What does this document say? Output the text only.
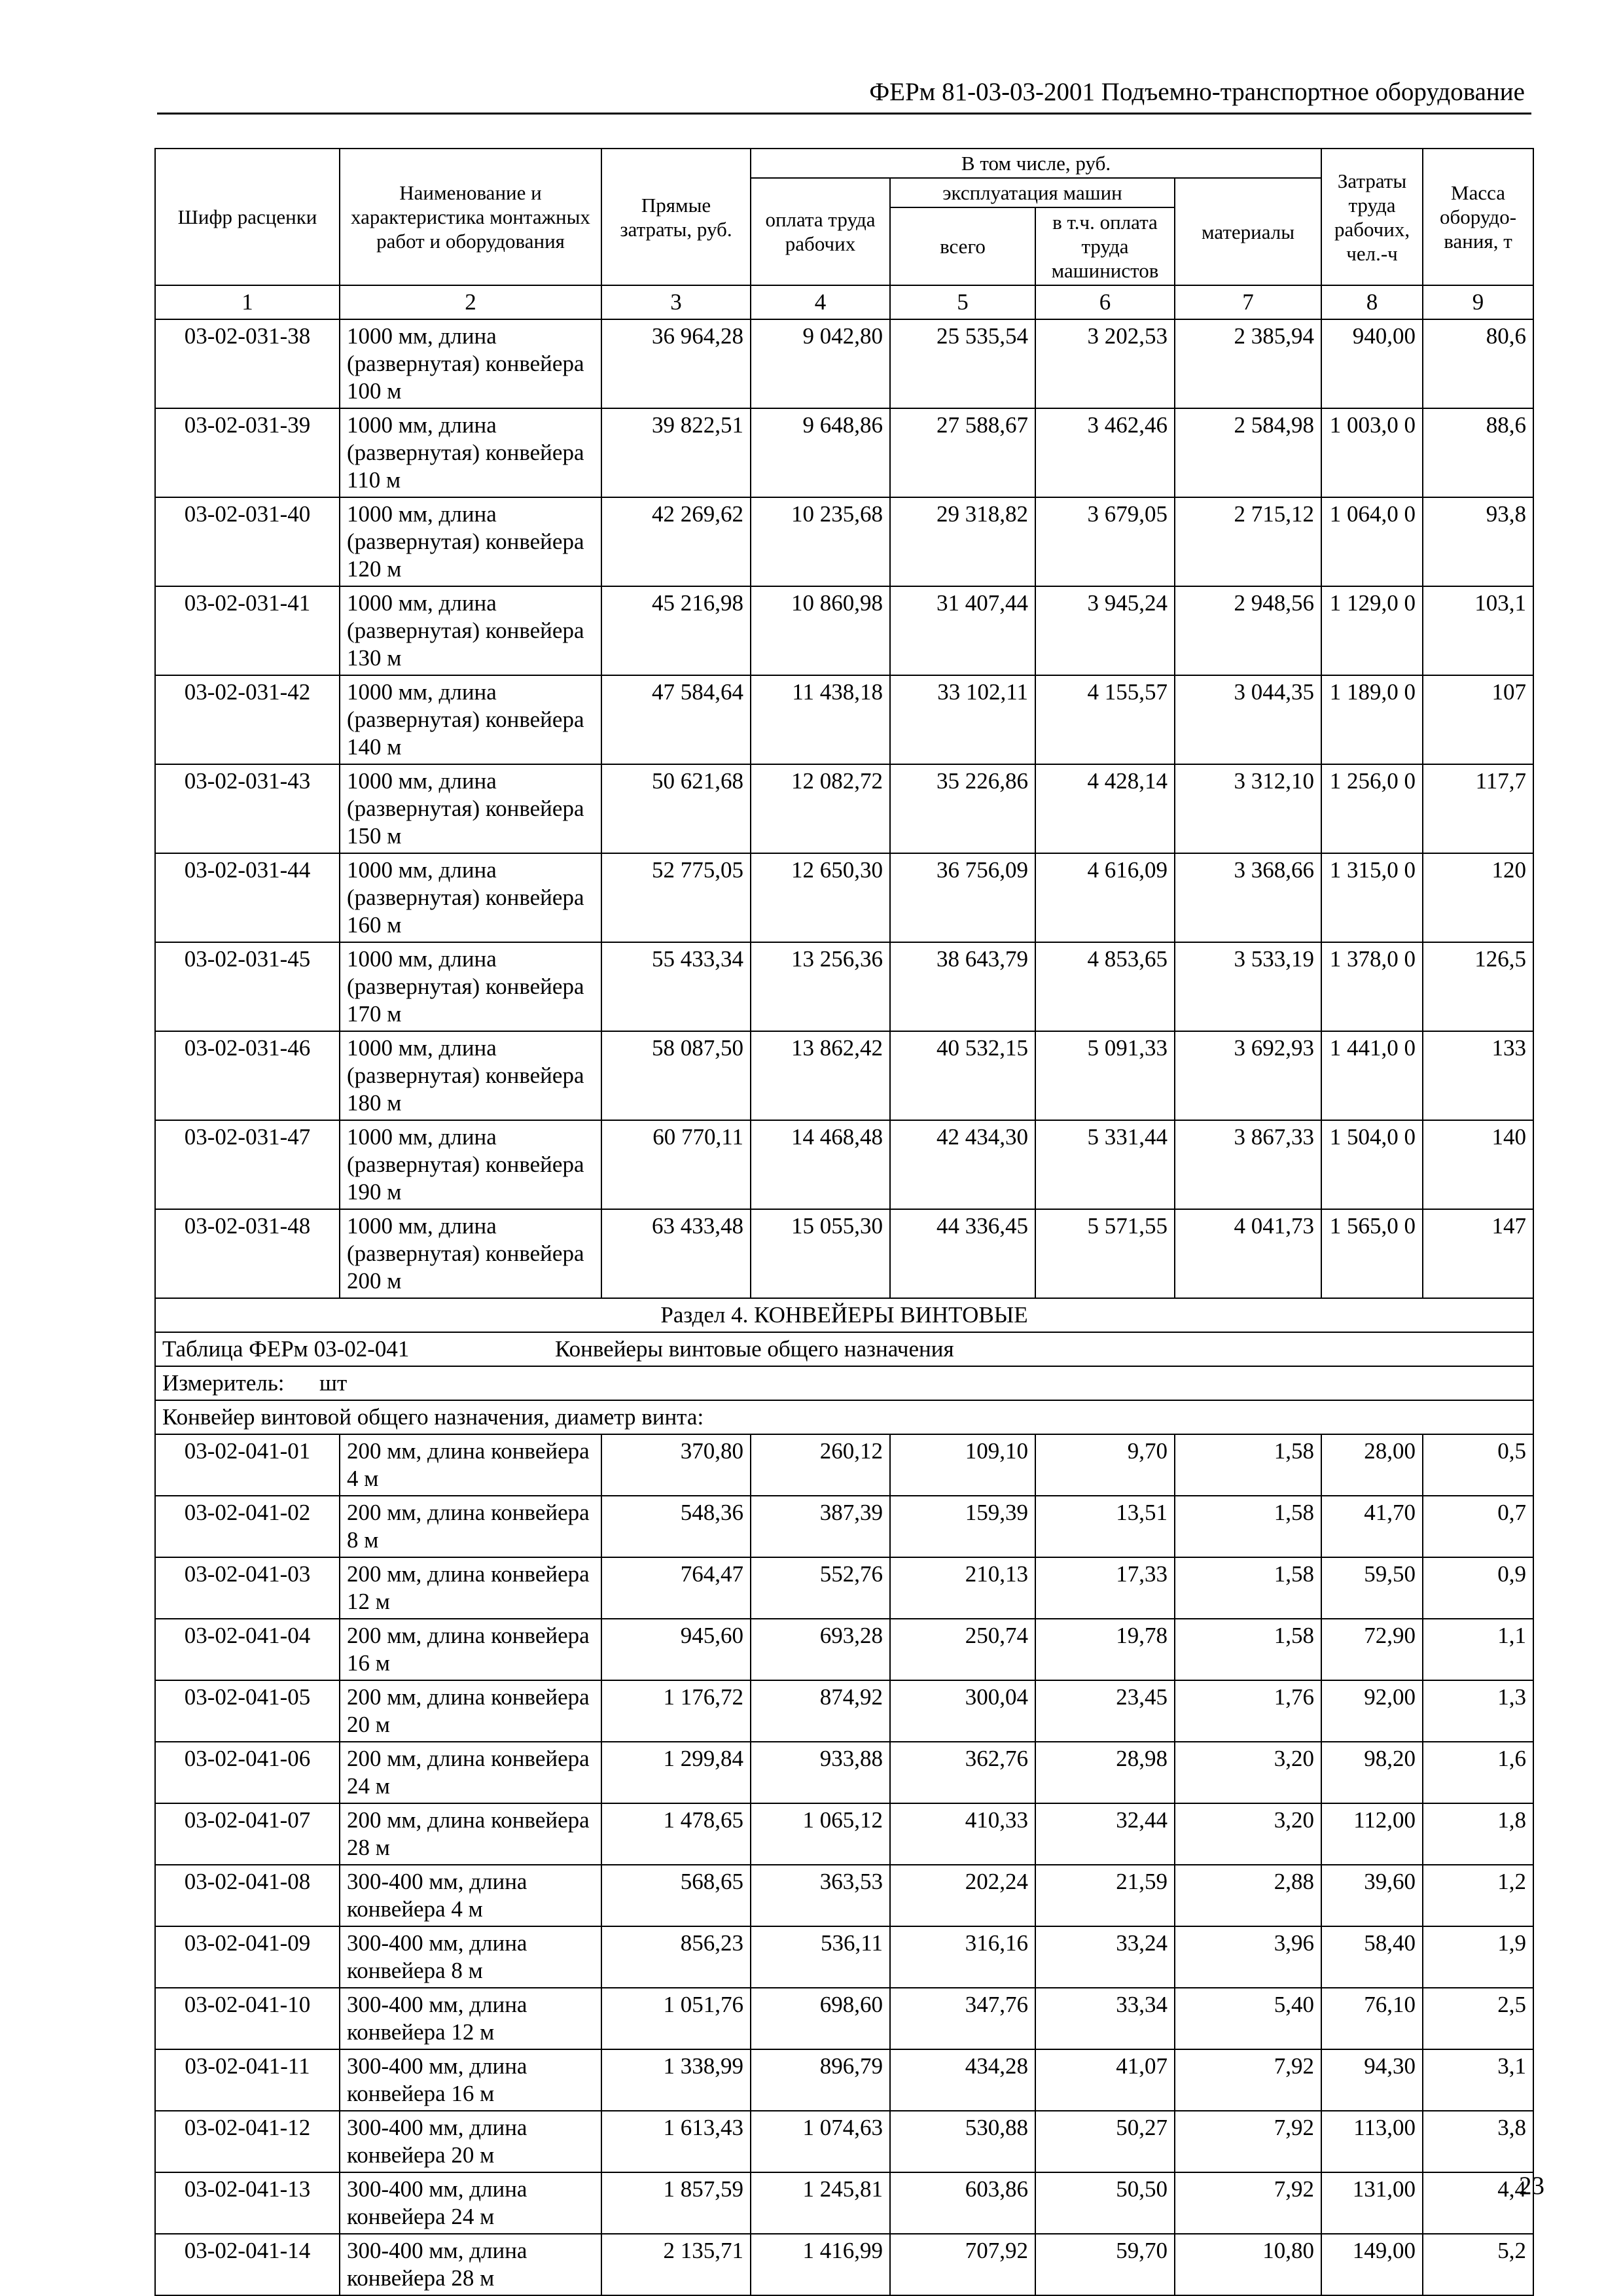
ФЕРм 81-03-03-2001 Подъемно-транспортное оборудование
Шифр расценки	Наименование и характеристика монтажных работ и оборудования	Прямые затраты, руб.	В том числе, руб.				Затраты труда рабочих, чел.-ч	Масса оборудо-вания, т
			оплата труда рабочих	эксплуатация машин		материалы		
				всего	в т.ч. оплата труда машинистов			
1	2	3	4	5	6	7	8	9
03-02-031-38	1000 мм, длина (развернутая) конвейера 100 м	36 964,28	9 042,80	25 535,54	3 202,53	2 385,94	940,00	80,6
03-02-031-39	1000 мм, длина (развернутая) конвейера 110 м	39 822,51	9 648,86	27 588,67	3 462,46	2 584,98	1 003,0 0	88,6
03-02-031-40	1000 мм, длина (развернутая) конвейера 120 м	42 269,62	10 235,68	29 318,82	3 679,05	2 715,12	1 064,0 0	93,8
03-02-031-41	1000 мм, длина (развернутая) конвейера 130 м	45 216,98	10 860,98	31 407,44	3 945,24	2 948,56	1 129,0 0	103,1
03-02-031-42	1000 мм, длина (развернутая) конвейера 140 м	47 584,64	11 438,18	33 102,11	4 155,57	3 044,35	1 189,0 0	107
03-02-031-43	1000 мм, длина (развернутая) конвейера 150 м	50 621,68	12 082,72	35 226,86	4 428,14	3 312,10	1 256,0 0	117,7
03-02-031-44	1000 мм, длина (развернутая) конвейера 160 м	52 775,05	12 650,30	36 756,09	4 616,09	3 368,66	1 315,0 0	120
03-02-031-45	1000 мм, длина (развернутая) конвейера 170 м	55 433,34	13 256,36	38 643,79	4 853,65	3 533,19	1 378,0 0	126,5
03-02-031-46	1000 мм, длина (развернутая) конвейера 180 м	58 087,50	13 862,42	40 532,15	5 091,33	3 692,93	1 441,0 0	133
03-02-031-47	1000 мм, длина (развернутая) конвейера 190 м	60 770,11	14 468,48	42 434,30	5 331,44	3 867,33	1 504,0 0	140
03-02-031-48	1000 мм, длина (развернутая) конвейера 200 м	63 433,48	15 055,30	44 336,45	5 571,55	4 041,73	1 565,0 0	147
Раздел 4. КОНВЕЙЕРЫ ВИНТОВЫЕ								
Таблица ФЕРм 03-02-041 Конвейеры винтовые общего назначения								
Измеритель: шт								
Конвейер винтовой общего назначения, диаметр винта:								
03-02-041-01	200 мм, длина конвейера 4 м	370,80	260,12	109,10	9,70	1,58	28,00	0,5
03-02-041-02	200 мм, длина конвейера 8 м	548,36	387,39	159,39	13,51	1,58	41,70	0,7
03-02-041-03	200 мм, длина конвейера 12 м	764,47	552,76	210,13	17,33	1,58	59,50	0,9
03-02-041-04	200 мм, длина конвейера 16 м	945,60	693,28	250,74	19,78	1,58	72,90	1,1
03-02-041-05	200 мм, длина конвейера 20 м	1 176,72	874,92	300,04	23,45	1,76	92,00	1,3
03-02-041-06	200 мм, длина конвейера 24 м	1 299,84	933,88	362,76	28,98	3,20	98,20	1,6
03-02-041-07	200 мм, длина конвейера 28 м	1 478,65	1 065,12	410,33	32,44	3,20	112,00	1,8
03-02-041-08	300-400 мм, длина конвейера 4 м	568,65	363,53	202,24	21,59	2,88	39,60	1,2
03-02-041-09	300-400 мм, длина конвейера 8 м	856,23	536,11	316,16	33,24	3,96	58,40	1,9
03-02-041-10	300-400 мм, длина конвейера 12 м	1 051,76	698,60	347,76	33,34	5,40	76,10	2,5
03-02-041-11	300-400 мм, длина конвейера 16 м	1 338,99	896,79	434,28	41,07	7,92	94,30	3,1
03-02-041-12	300-400 мм, длина конвейера 20 м	1 613,43	1 074,63	530,88	50,27	7,92	113,00	3,8
03-02-041-13	300-400 мм, длина конвейера 24 м	1 857,59	1 245,81	603,86	50,50	7,92	131,00	4,4
03-02-041-14	300-400 мм, длина конвейера 28 м	2 135,71	1 416,99	707,92	59,70	10,80	149,00	5,2
23
